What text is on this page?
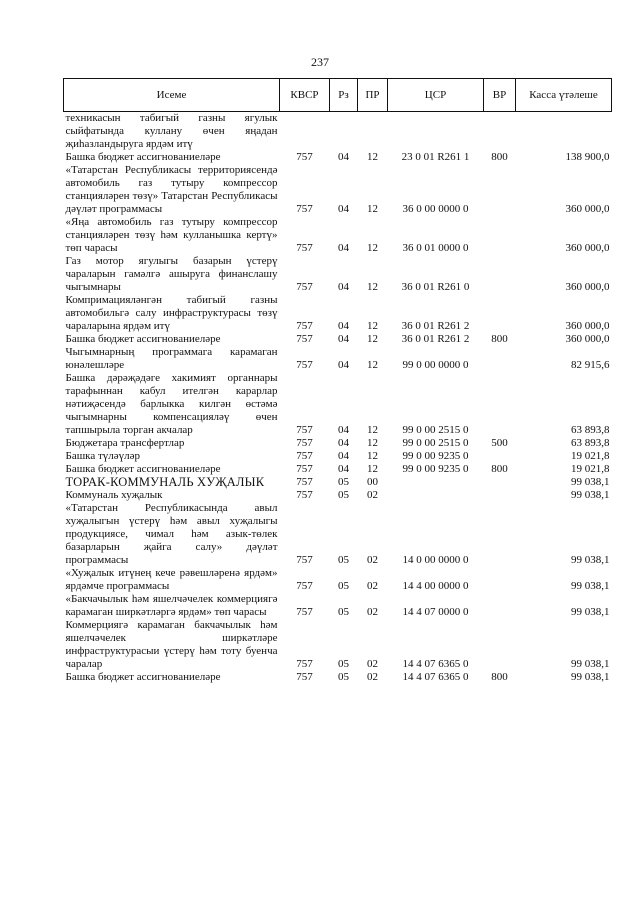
237
Исеме	КВСР	Рз	ПР	ЦСР	ВР	Касса үтәлеше
техникасын табигый газны ягулык сыйфатында куллану өчен яңадан җиһазландыруга ярдәм итү						
Башка бюджет ассигнованиеләре	757	04	12	23 0 01 R261 1	800	138 900,0
«Татарстан Республикасы территориясендә автомобиль газ тутыру компрессор станцияләрен төзү» Татарстан Республикасы дәүләт программасы	757	04	12	36 0 00 0000 0		360 000,0
«Яңа автомобиль газ тутыру компрессор станцияләрен төзү һәм кулланышка кертү» төп чарасы	757	04	12	36 0 01 0000 0		360 000,0
Газ мотор ягулыгы базарын үстерү чараларын гамәлгә ашыруга финанслашу чыгымнары	757	04	12	36 0 01 R261 0		360 000,0
Компримацияләнгән табигый газны автомобильгә салу инфраструктурасы төзү чараларына ярдәм итү	757	04	12	36 0 01 R261 2		360 000,0
Башка бюджет ассигнованиеләре	757	04	12	36 0 01 R261 2	800	360 000,0
Чыгымнарның программага карамаган юнәлешләре	757	04	12	99 0 00 0000 0		82 915,6
Башка дәрәҗәдәге хакимият органнары тарафыннан кабул ителгән карарлар нәтиҗәсендә барлыкка килгән өстәмә чыгымнарны компенсацияләү өчен тапшырыла торган акчалар	757	04	12	99 0 00 2515 0		63 893,8
Бюджетара трансфертлар	757	04	12	99 0 00 2515 0	500	63 893,8
Башка түләүләр	757	04	12	99 0 00 9235 0		19 021,8
Башка бюджет ассигнованиеләре	757	04	12	99 0 00 9235 0	800	19 021,8
ТОРАК-КОММУНАЛЬ ХУҖАЛЫК	757	05	00			99 038,1
Коммуналь хуҗалык	757	05	02			99 038,1
«Татарстан Республикасында авыл хуҗалыгын үстерү һәм авыл хуҗалыгы продукциясе, чимал һәм азык-төлек базарларын җайга салу» дәүләт программасы	757	05	02	14 0 00 0000 0		99 038,1
«Хуҗалык итүнең кече рәвешләренә ярдәм» ярдәмче программасы	757	05	02	14 4 00 0000 0		99 038,1
«Бакчачылык һәм яшелчәчелек коммерциягә карамаган ширкәтләргә ярдәм» төп чарасы	757	05	02	14 4 07 0000 0		99 038,1
Коммерциягә карамаган бакчачылык һәм яшелчәчелек ширкәтләре инфраструктурасыи үстерү һәм тоту буенча чаралар	757	05	02	14 4 07 6365 0		99 038,1
Башка бюджет ассигнованиеләре	757	05	02	14 4 07 6365 0	800	99 038,1
